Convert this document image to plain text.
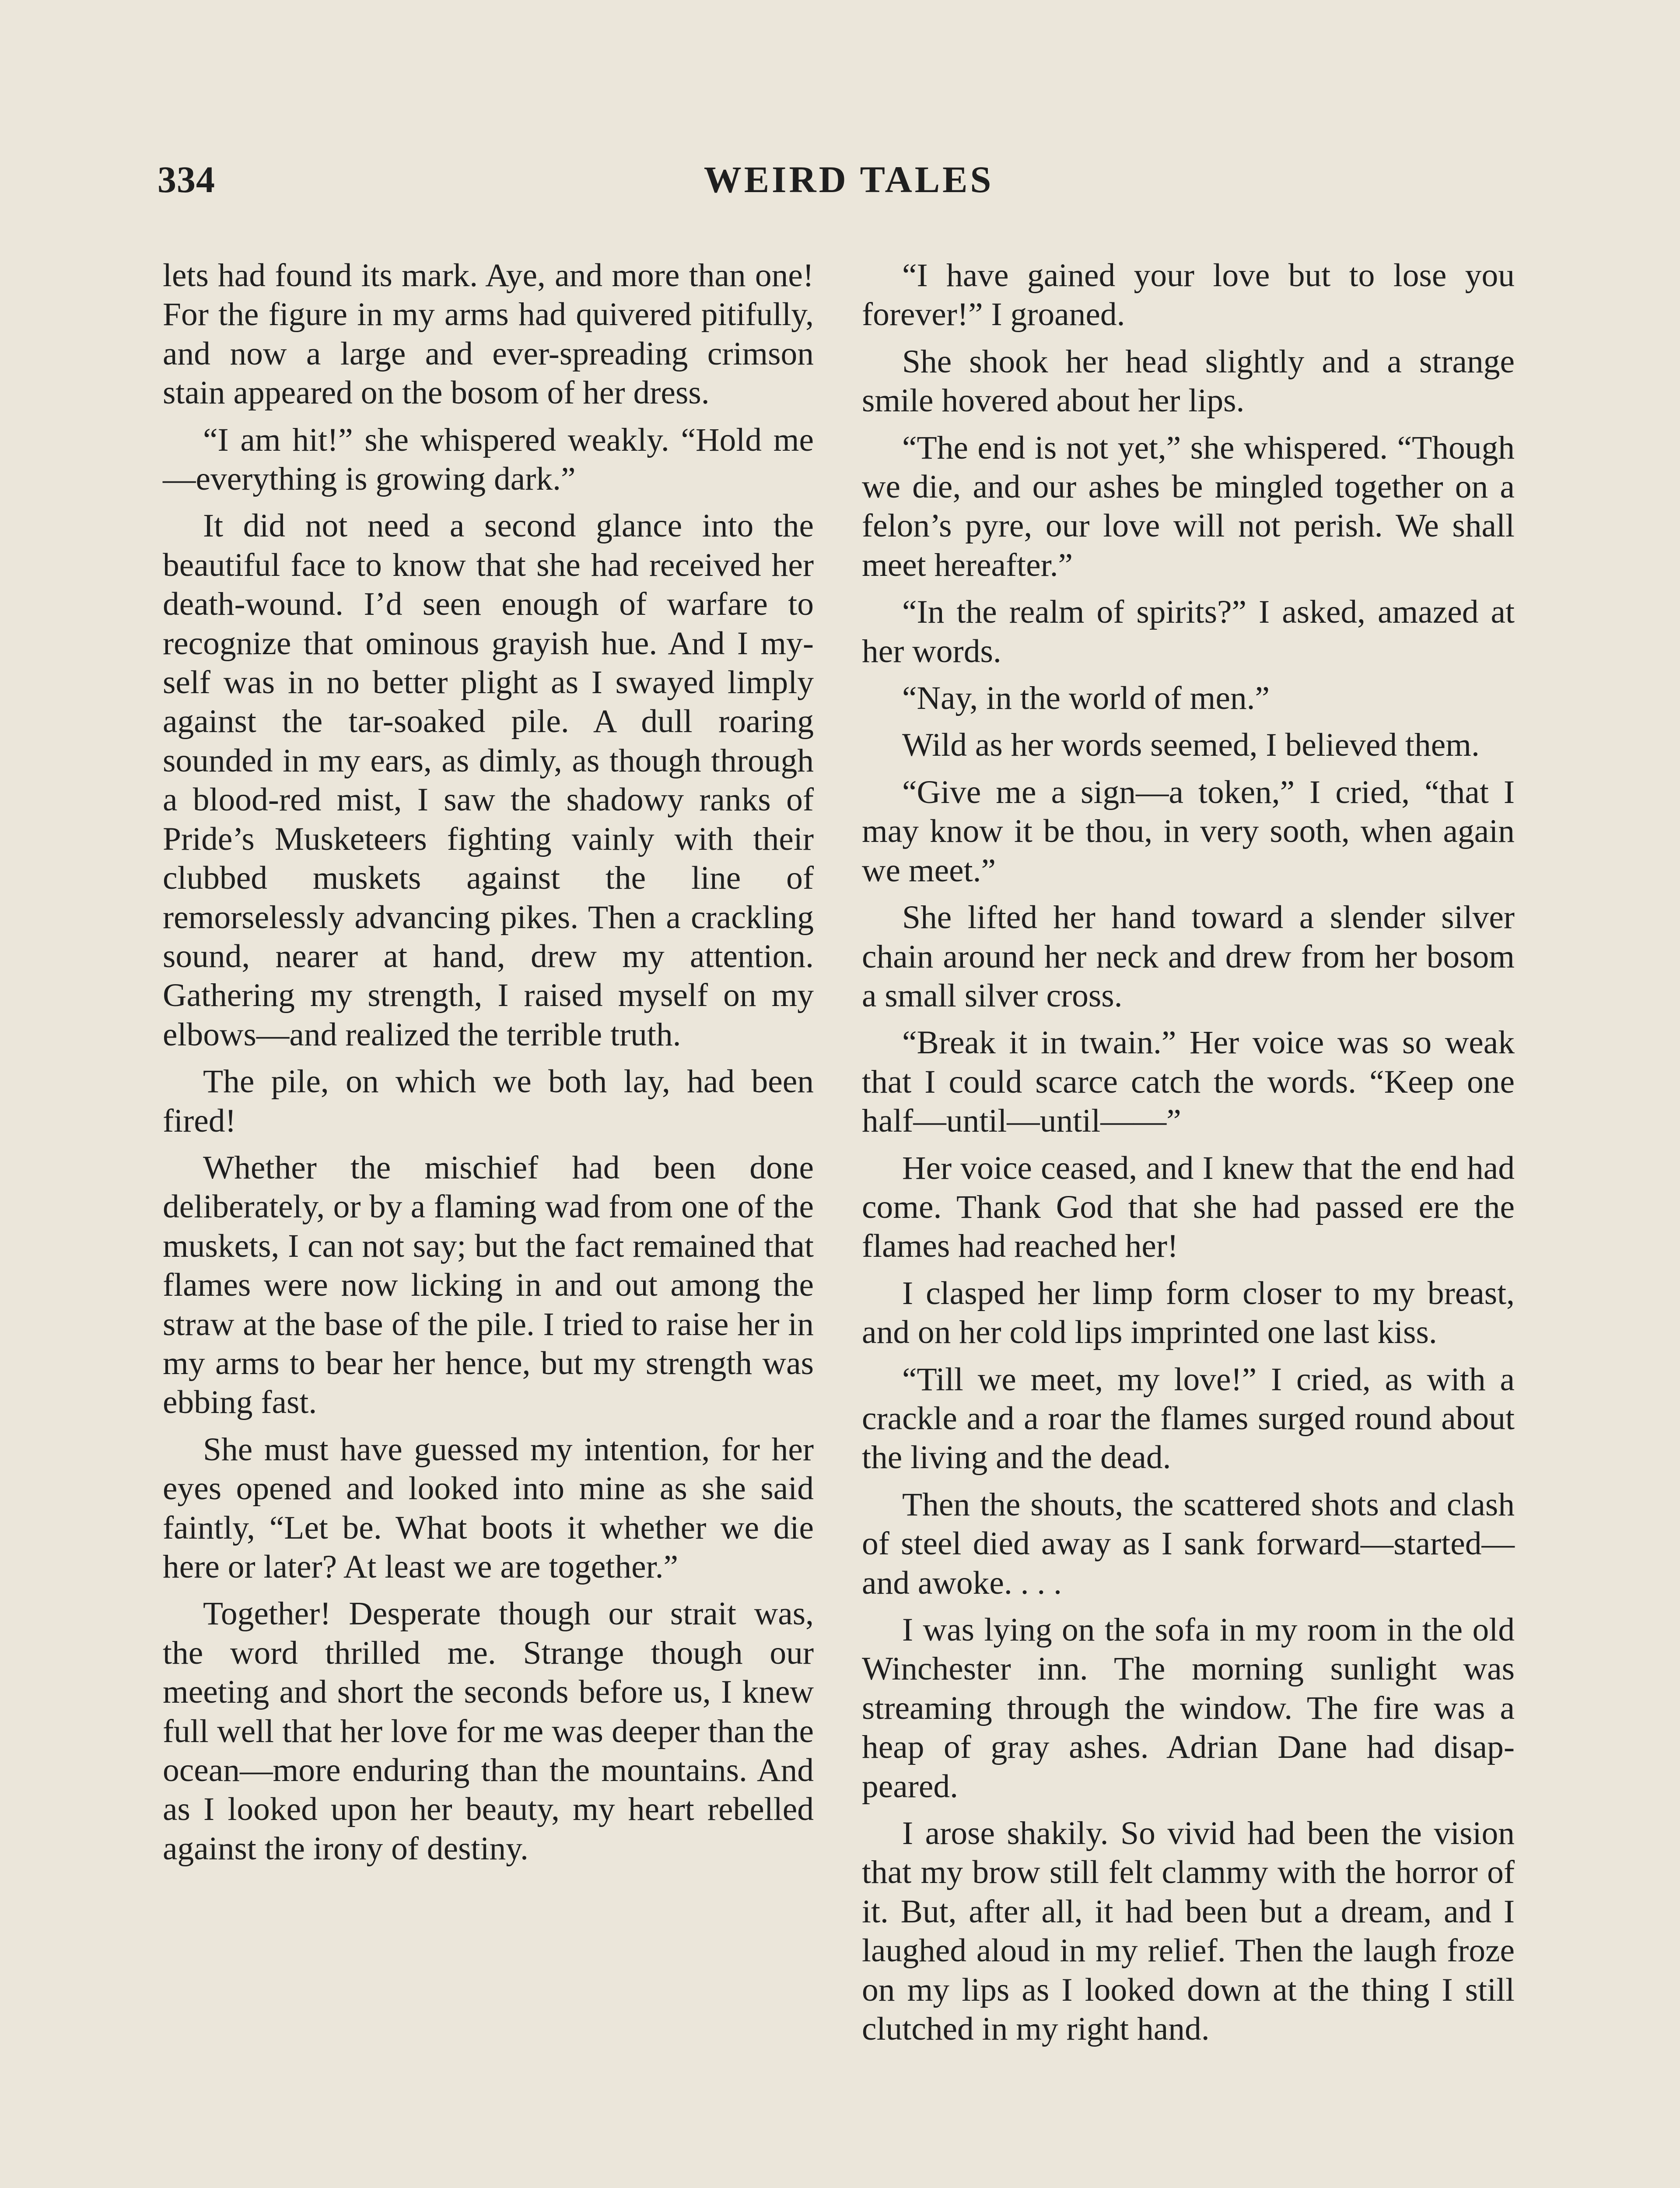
334	WEIRD TALES

lets had found its mark. Aye, and more than one! For the figure in my arms had quivered pitifully, and now a large and ever-spreading crimson stain appeared on the bosom of her dress.

“I am hit!” she whispered weakly. “Hold me—everything is growing dark.”

It did not need a second glance into the beautiful face to know that she had received her death-wound. I’d seen enough of warfare to recognize that ominous grayish hue. And I myself was in no better plight as I swayed limply against the tar-soaked pile. A dull roaring sounded in my ears, as dimly, as though through a blood-red mist, I saw the shadowy ranks of Pride’s Musketeers fighting vainly with their clubbed muskets against the line of remorselessly advancing pikes. Then a crackling sound, nearer at hand, drew my attention. Gathering my strength, I raised myself on my elbows—and realized the terrible truth.

The pile, on which we both lay, had been fired!

Whether the mischief had been done deliberately, or by a flaming wad from one of the muskets, I can not say; but the fact remained that flames were now licking in and out among the straw at the base of the pile. I tried to raise her in my arms to bear her hence, but my strength was ebbing fast.

She must have guessed my intention, for her eyes opened and looked into mine as she said faintly, “Let be. What boots it whether we die here or later? At least we are together.”

Together! Desperate though our strait was, the word thrilled me. Strange though our meeting and short the seconds before us, I knew full well that her love for me was deeper than the ocean—more enduring than the mountains. And as I looked upon her beauty, my heart rebelled against the irony of destiny.

“I have gained your love but to lose you forever!” I groaned.

She shook her head slightly and a strange smile hovered about her lips.

“The end is not yet,” she whispered. “Though we die, and our ashes be mingled together on a felon’s pyre, our love will not perish. We shall meet hereafter.”

“In the realm of spirits?” I asked, amazed at her words.

“Nay, in the world of men.”

Wild as her words seemed, I believed them.

“Give me a sign—a token,” I cried, “that I may know it be thou, in very sooth, when again we meet.”

She lifted her hand toward a slender silver chain around her neck and drew from her bosom a small silver cross.

“Break it in twain.” Her voice was so weak that I could scarce catch the words. “Keep one half—until—until——”

Her voice ceased, and I knew that the end had come. Thank God that she had passed ere the flames had reached her!

I clasped her limp form closer to my breast, and on her cold lips imprinted one last kiss.

“Till we meet, my love!” I cried, as with a crackle and a roar the flames surged round about the living and the dead.

Then the shouts, the scattered shots and clash of steel died away as I sank forward—started—and awoke. . . .

I was lying on the sofa in my room in the old Winchester inn. The morning sunlight was streaming through the window. The fire was a heap of gray ashes. Adrian Dane had disappeared.

I arose shakily. So vivid had been the vision that my brow still felt clammy with the horror of it. But, after all, it had been but a dream, and I laughed aloud in my relief. Then the laugh froze on my lips as I looked down at the thing I still clutched in my right hand.
